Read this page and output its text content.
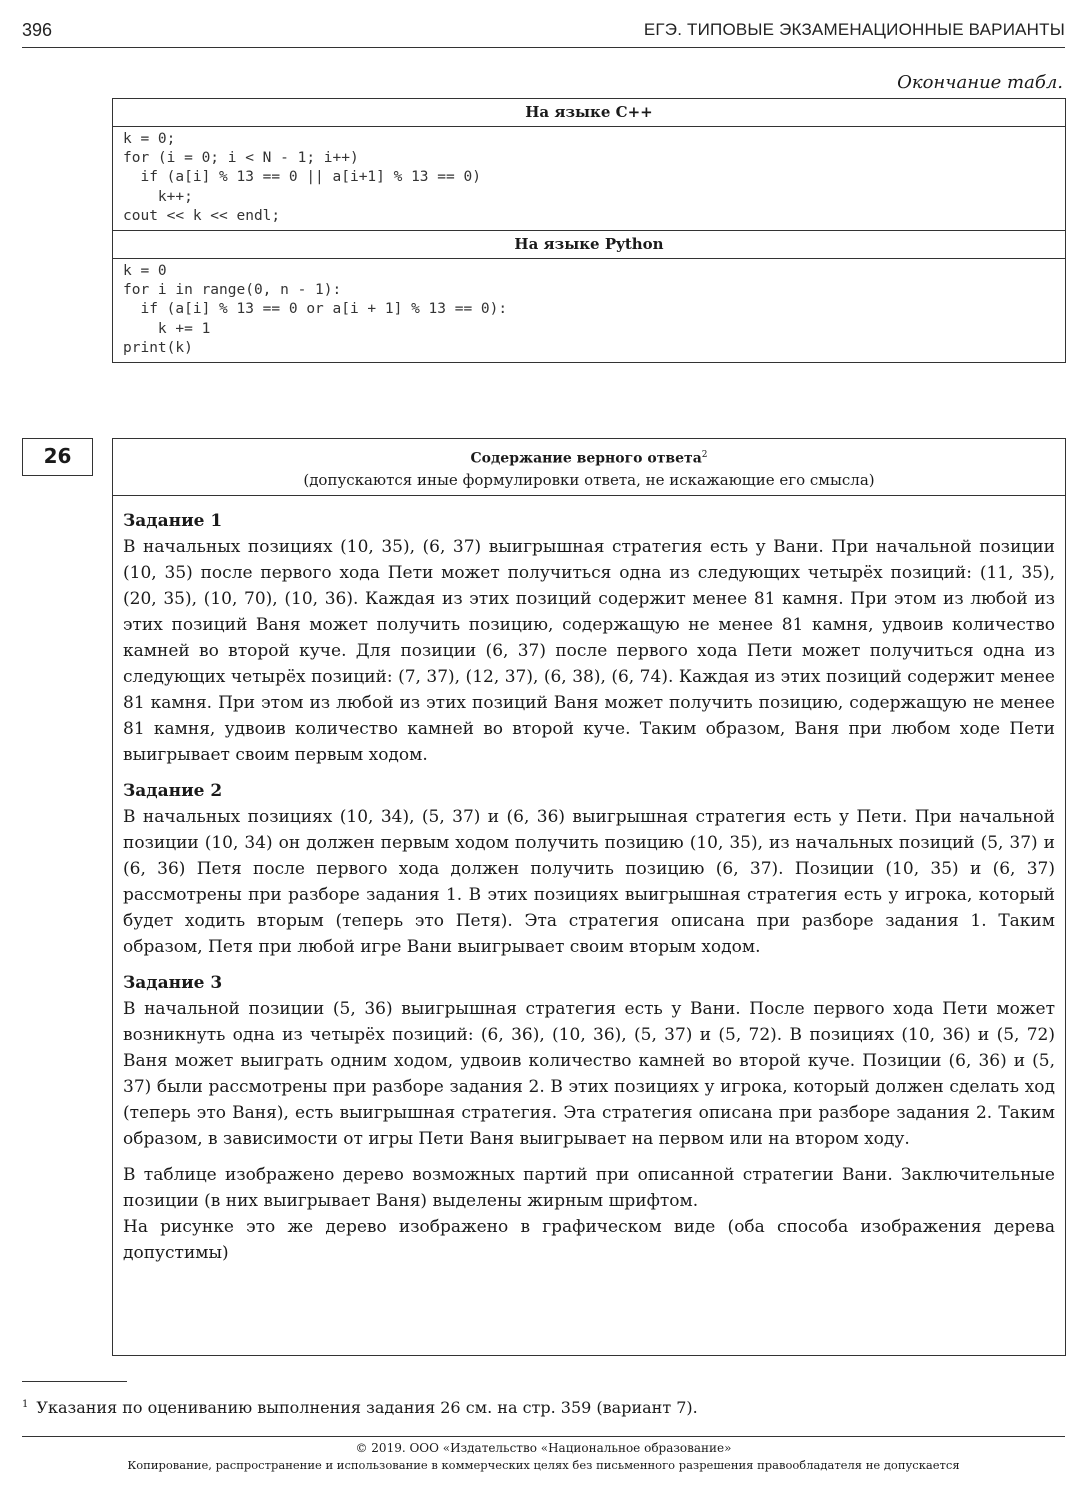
396	ЕГЭ. ТИПОВЫЕ ЭКЗАМЕНАЦИОННЫЕ ВАРИАНТЫ
Окончание табл.
На языке С++
k = 0;
for (i = 0; i < N - 1; i++)
if (a[i] % 13 == 0 || a[i+1] % 13 == 0)
k++;
cout << k << endl;
На языке Python
k = 0
for i in range(0, n - 1):
if (a[i] % 13 == 0 or a[i + 1] % 13 == 0):
k += 1
print(k)
26	Содержание верного ответа$^2$
(допускаются иные формулировки ответа, не искажающие его смысла)
Задание 1
В начальных позициях (10, 35), (6, 37) выигрышная стратегия есть у Вани. При начальной позиции (10, 35) после первого хода Пети может получиться одна из следующих четырёх позиций: (11, 35), (20, 35), (10, 70), (10, 36). Каждая из этих позиций содержит менее 81 камня. При этом из любой из этих позиций Ваня может получить позицию, содержащую не менее 81 камня, удвоив количество камней во второй куче. Для позиции (6, 37) после первого хода Пети может получиться одна из следующих четырёх позиций: (7, 37), (12, 37), (6, 38), (6, 74). Каждая из этих позиций содержит менее 81 камня. При этом из любой из этих позиций Ваня может получить позицию, содержащую не менее 81 камня, удвоив количество камней во второй куче. Таким образом, Ваня при любом ходе Пети выигрывает своим первым ходом.
Задание 2
В начальных позициях (10, 34), (5, 37) и (6, 36) выигрышная стратегия есть у Пети. При начальной позиции (10, 34) он должен первым ходом получить позицию (10, 35), из начальных позиций (5, 37) и (6, 36) Петя после первого хода должен получить позицию (6, 37). Позиции (10, 35) и (6, 37) рассмотрены при разборе задания 1. В этих позициях выигрышная стратегия есть у игрока, который будет ходить вторым (теперь это Петя). Эта стратегия описана при разборе задания 1. Таким образом, Петя при любой игре Вани выигрывает своим вторым ходом.
Задание 3
В начальной позиции (5, 36) выигрышная стратегия есть у Вани. После первого хода Пети может возникнуть одна из четырёх позиций: (6, 36), (10, 36), (5, 37) и (5, 72). В позициях (10, 36) и (5, 72) Ваня может выиграть одним ходом, удвоив количество камней во второй куче. Позиции (6, 36) и (5, 37) были рассмотрены при разборе задания 2. В этих позициях у игрока, который должен сделать ход (теперь это Ваня), есть выигрышная стратегия. Эта стратегия описана при разборе задания 2. Таким образом, в зависимости от игры Пети Ваня выигрывает на первом или на втором ходу.
В таблице изображено дерево возможных партий при описанной стратегии Вани. Заключительные позиции (в них выигрывает Ваня) выделены жирным шрифтом.
На рисунке это же дерево изображено в графическом виде (оба способа изображения дерева допустимы)
$^1$ Указания по оцениванию выполнения задания 26 см. на стр. 359 (вариант 7).
© 2019. ООО «Издательство «Национальное образование»
Копирование, распространение и использование в коммерческих целях без письменного разрешения правообладателя не допускается
